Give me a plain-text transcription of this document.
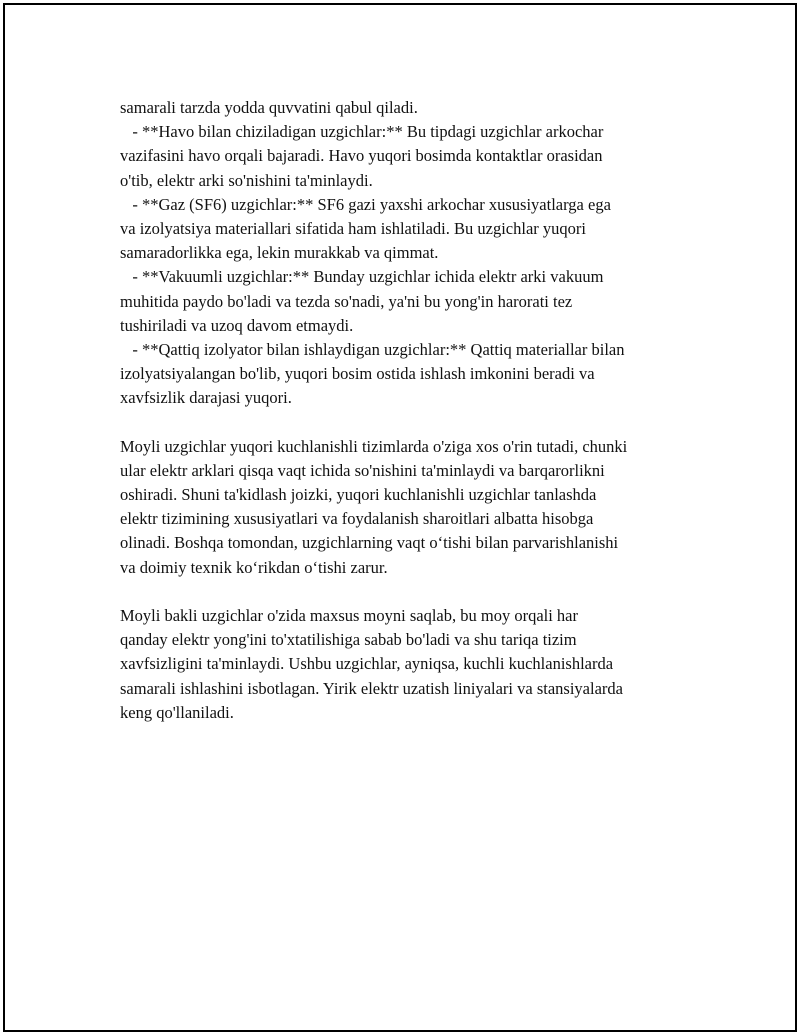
samarali tarzda yodda quvvatini qabul qiladi.
- **Havo bilan chiziladigan uzgichlar:** Bu tipdagi uzgichlar arkochar
vazifasini havo orqali bajaradi. Havo yuqori bosimda kontaktlar orasidan
o'tib, elektr arki so'nishini ta'minlaydi.
- **Gaz (SF6) uzgichlar:** SF6 gazi yaxshi arkochar xususiyatlarga ega
va izolyatsiya materiallari sifatida ham ishlatiladi. Bu uzgichlar yuqori
samaradorlikka ega, lekin murakkab va qimmat.
- **Vakuumli uzgichlar:** Bunday uzgichlar ichida elektr arki vakuum
muhitida paydo bo'ladi va tezda so'nadi, ya'ni bu yong'in harorati tez
tushiriladi va uzoq davom etmaydi.
- **Qattiq izolyator bilan ishlaydigan uzgichlar:** Qattiq materiallar bilan
izolyatsiyalangan bo'lib, yuqori bosim ostida ishlash imkonini beradi va
xavfsizlik darajasi yuqori.
Moyli uzgichlar yuqori kuchlanishli tizimlarda o'ziga xos o'rin tutadi, chunki
ular elektr arklari qisqa vaqt ichida so'nishini ta'minlaydi va barqarorlikni
oshiradi. Shuni ta'kidlash joizki, yuqori kuchlanishli uzgichlar tanlashda
elektr tizimining xususiyatlari va foydalanish sharoitlari albatta hisobga
olinadi. Boshqa tomondan, uzgichlarning vaqt o‘tishi bilan parvarishlanishi
va doimiy texnik ko‘rikdan o‘tishi zarur.
Moyli bakli uzgichlar o'zida maxsus moyni saqlab, bu moy orqali har
qanday elektr yong'ini to'xtatilishiga sabab bo'ladi va shu tariqa tizim
xavfsizligini ta'minlaydi. Ushbu uzgichlar, ayniqsa, kuchli kuchlanishlarda
samarali ishlashini isbotlagan. Yirik elektr uzatish liniyalari va stansiyalarda
keng qo'llaniladi.
